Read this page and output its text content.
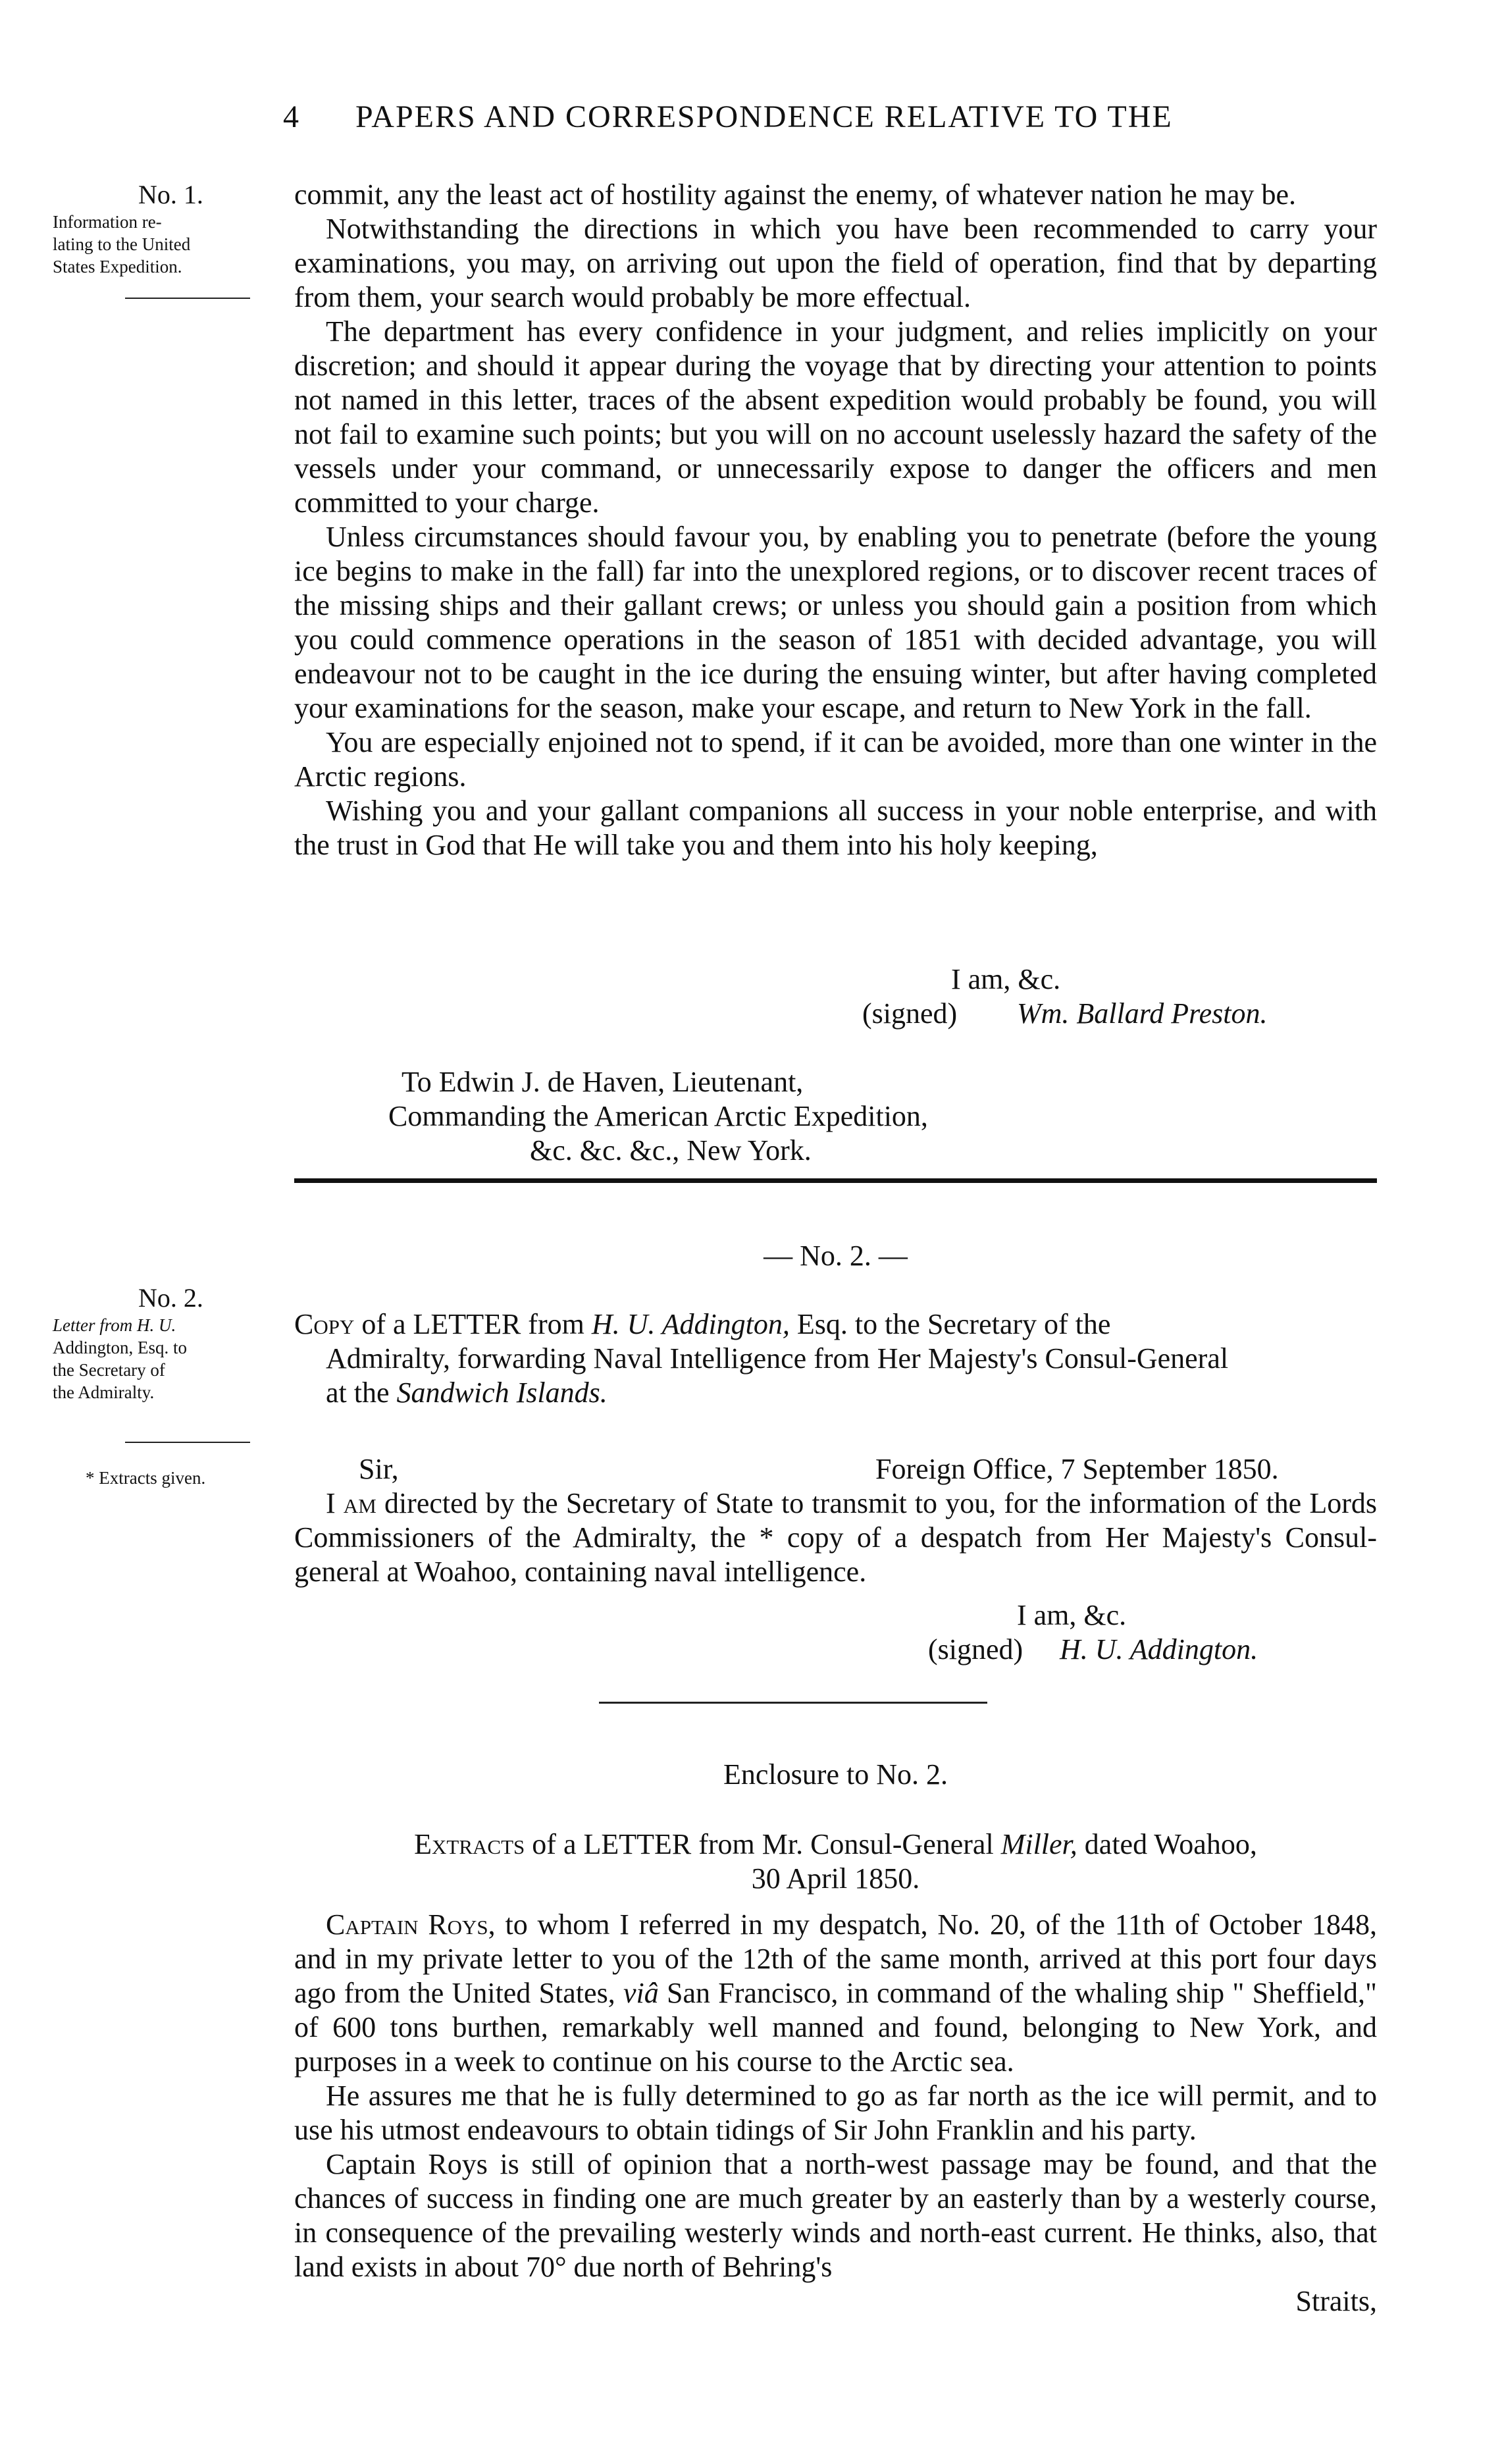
4 PAPERS AND CORRESPONDENCE RELATIVE TO THE
No. 1.
Information re-
lating to the United
States Expedition.

commit, any the least act of hostility against the enemy, of whatever nation he may be.

Notwithstanding the directions in which you have been recommended to carry your examinations, you may, on arriving out upon the field of operation, find that by departing from them, your search would probably be more effectual.

The department has every confidence in your judgment, and relies implicitly on your discretion; and should it appear during the voyage that by directing your attention to points not named in this letter, traces of the absent expedition would probably be found, you will not fail to examine such points; but you will on no account uselessly hazard the safety of the vessels under your command, or unnecessarily expose to danger the officers and men committed to your charge.

Unless circumstances should favour you, by enabling you to penetrate (before the young ice begins to make in the fall) far into the unexplored regions, or to discover recent traces of the missing ships and their gallant crews; or unless you should gain a position from which you could commence operations in the season of 1851 with decided advantage, you will endeavour not to be caught in the ice during the ensuing winter, but after having completed your examinations for the season, make your escape, and return to New York in the fall.

You are especially enjoined not to spend, if it can be avoided, more than one winter in the Arctic regions.

Wishing you and your gallant companions all success in your noble enterprise, and with the trust in God that He will take you and them into his holy keeping,

I am, &c.
(signed) Wm. Ballard Preston.
To Edwin J. de Haven, Lieutenant,
Commanding the American Arctic Expedition,
&c. &c. &c., New York.
— No. 2. —
No. 2.
Letter from H. U.
Addington, Esq. to
the Secretary of
the Admiralty.
* Extracts given.
Copy of a LETTER from H. U. Addington, Esq. to the Secretary of the
Admiralty, forwarding Naval Intelligence from Her Majesty's Consul-General
at the Sandwich Islands.
Sir,	Foreign Office, 7 September 1850.

I am directed by the Secretary of State to transmit to you, for the information of the Lords Commissioners of the Admiralty, the * copy of a despatch from Her Majesty's Consul-general at Woahoo, containing naval intelligence.

I am, &c.
(signed) H. U. Addington.
Enclosure to No. 2.
Extracts of a LETTER from Mr. Consul-General Miller, dated Woahoo,
30 April 1850.

Captain Roys, to whom I referred in my despatch, No. 20, of the 11th of October 1848, and in my private letter to you of the 12th of the same month, arrived at this port four days ago from the United States, viâ San Francisco, in command of the whaling ship " Sheffield," of 600 tons burthen, remarkably well manned and found, belonging to New York, and purposes in a week to continue on his course to the Arctic sea.

He assures me that he is fully determined to go as far north as the ice will permit, and to use his utmost endeavours to obtain tidings of Sir John Franklin and his party.

Captain Roys is still of opinion that a north-west passage may be found, and that the chances of success in finding one are much greater by an easterly than by a westerly course, in consequence of the prevailing westerly winds and north-east current. He thinks, also, that land exists in about 70° due north of Behring's

Straits,
